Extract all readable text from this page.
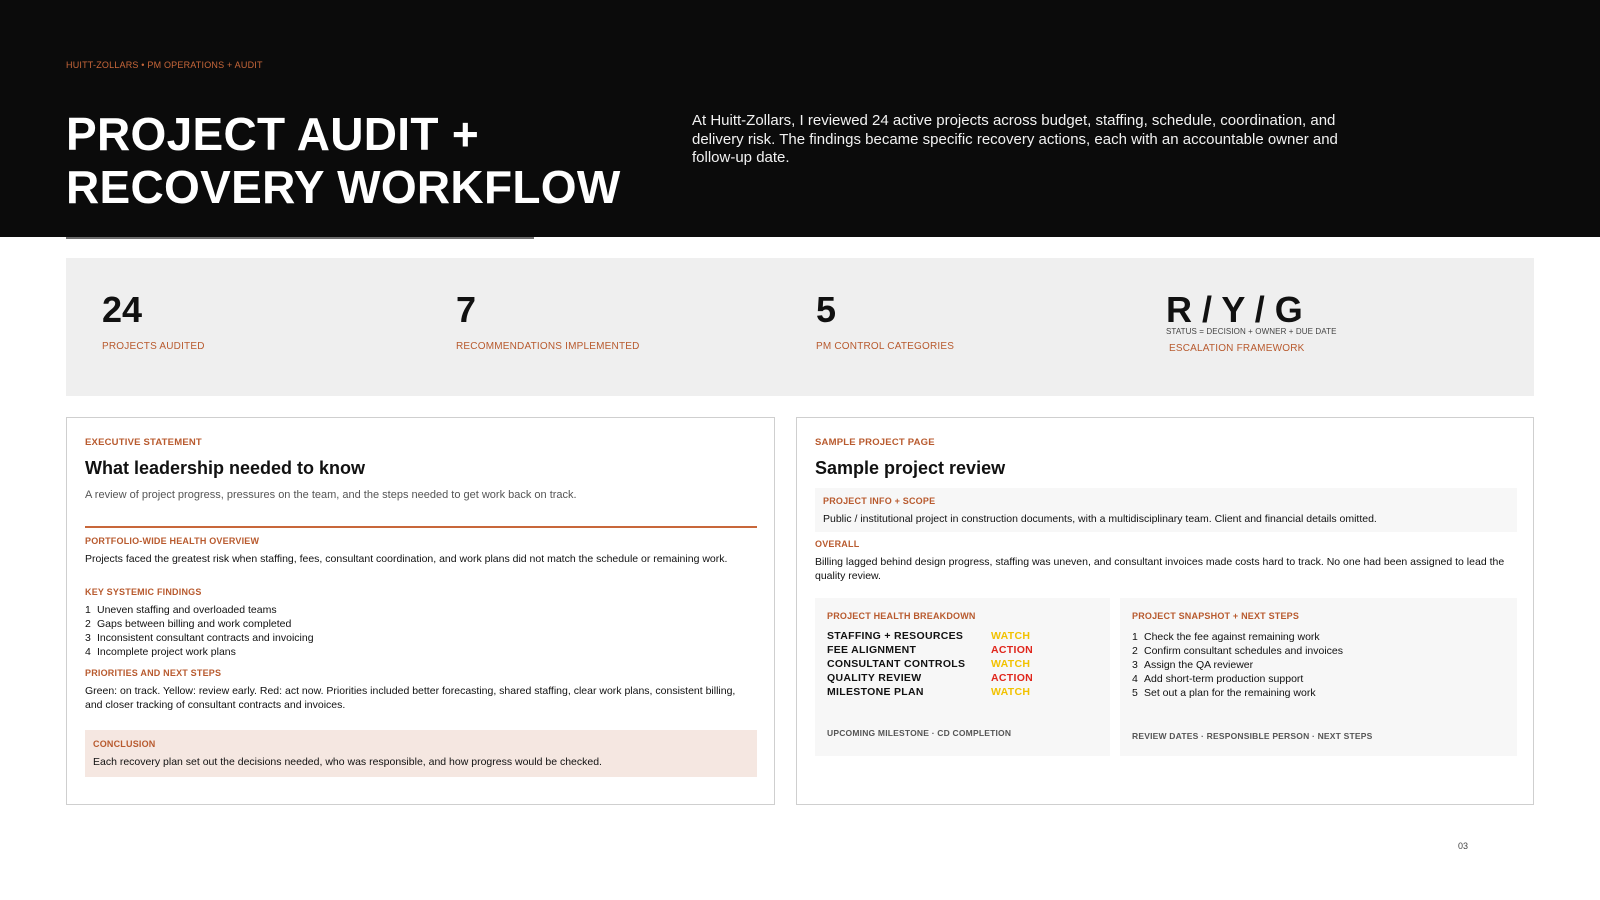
HUITT-ZOLLARS • PM OPERATIONS + AUDIT
PROJECT AUDIT +
RECOVERY WORKFLOW
At Huitt-Zollars, I reviewed 24 active projects across budget, staffing, schedule, coordination, and delivery risk. The findings became specific recovery actions, each with an accountable owner and follow-up date.
24
PROJECTS AUDITED
7
RECOMMENDATIONS IMPLEMENTED
5
PM CONTROL CATEGORIES
R / Y / G
STATUS = DECISION + OWNER + DUE DATE
ESCALATION FRAMEWORK
EXECUTIVE STATEMENT
What leadership needed to know
A review of project progress, pressures on the team, and the steps needed to get work back on track.
PORTFOLIO-WIDE HEALTH OVERVIEW
Projects faced the greatest risk when staffing, fees, consultant coordination, and work plans did not match the schedule or remaining work.
KEY SYSTEMIC FINDINGS
1 Uneven staffing and overloaded teams
2 Gaps between billing and work completed
3 Inconsistent consultant contracts and invoicing
4 Incomplete project work plans
PRIORITIES AND NEXT STEPS
Green: on track. Yellow: review early. Red: act now. Priorities included better forecasting, shared staffing, clear work plans, consistent billing, and closer tracking of consultant contracts and invoices.
CONCLUSION
Each recovery plan set out the decisions needed, who was responsible, and how progress would be checked.
SAMPLE PROJECT PAGE
Sample project review
PROJECT INFO + SCOPE
Public / institutional project in construction documents, with a multidisciplinary team. Client and financial details omitted.
OVERALL
Billing lagged behind design progress, staffing was uneven, and consultant invoices made costs hard to track. No one had been assigned to lead the quality review.
PROJECT HEALTH BREAKDOWN
STAFFING + RESOURCES	WATCH
FEE ALIGNMENT	ACTION
CONSULTANT CONTROLS WATCH
QUALITY REVIEW	ACTION
MILESTONE PLAN	WATCH
UPCOMING MILESTONE · CD COMPLETION
PROJECT SNAPSHOT + NEXT STEPS
1 Check the fee against remaining work
2 Confirm consultant schedules and invoices
3 Assign the QA reviewer
4 Add short-term production support
5 Set out a plan for the remaining work
REVIEW DATES · RESPONSIBLE PERSON · NEXT STEPS
03
